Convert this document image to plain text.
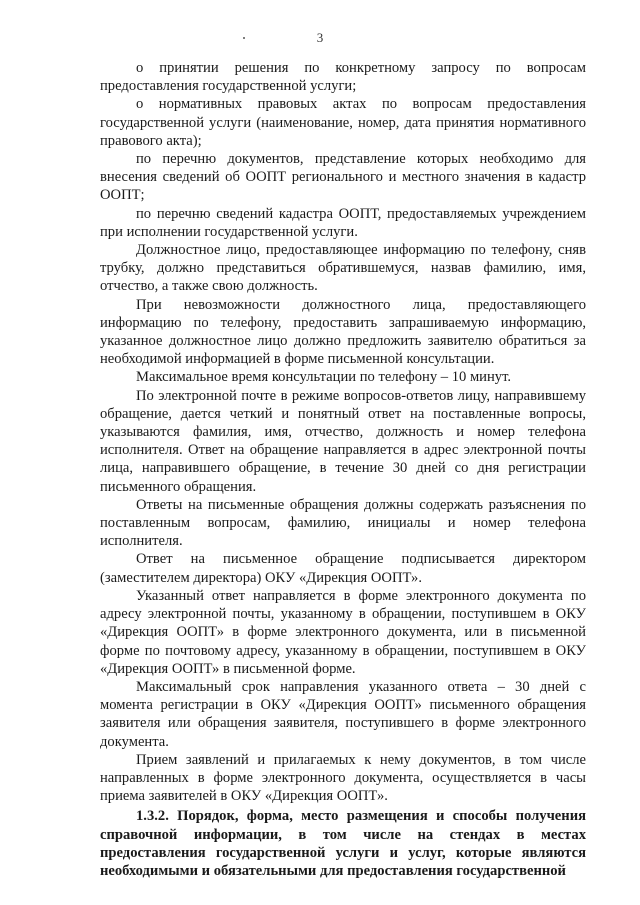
3

о принятии решения по конкретному запросу по вопросам предоставления государственной услуги;

о нормативных правовых актах по вопросам предоставления государственной услуги (наименование, номер, дата принятия нормативного правового акта);

по перечню документов, представление которых необходимо для внесения сведений об ООПТ регионального и местного значения в кадастр ООПТ;

по перечню сведений кадастра ООПТ, предоставляемых учреждением при исполнении государственной услуги.

Должностное лицо, предоставляющее информацию по телефону, сняв трубку, должно представиться обратившемуся, назвав фамилию, имя, отчество, а также свою должность.

При невозможности должностного лица, предоставляющего информацию по телефону, предоставить запрашиваемую информацию, указанное должностное лицо должно предложить заявителю обратиться за необходимой информацией в форме письменной консультации.

Максимальное время консультации по телефону – 10 минут.

По электронной почте в режиме вопросов-ответов лицу, направившему обращение, дается четкий и понятный ответ на поставленные вопросы, указываются фамилия, имя, отчество, должность и номер телефона исполнителя. Ответ на обращение направляется в адрес электронной почты лица, направившего обращение, в течение 30 дней со дня регистрации письменного обращения.

Ответы на письменные обращения должны содержать разъяснения по поставленным вопросам, фамилию, инициалы и номер телефона исполнителя.

Ответ на письменное обращение подписывается директором (заместителем директора) ОКУ «Дирекция ООПТ».

Указанный ответ направляется в форме электронного документа по адресу электронной почты, указанному в обращении, поступившем в ОКУ «Дирекция ООПТ» в форме электронного документа, или в письменной форме по почтовому адресу, указанному в обращении, поступившем в ОКУ «Дирекция ООПТ» в письменной форме.

Максимальный срок направления указанного ответа – 30 дней с момента регистрации в ОКУ «Дирекция ООПТ» письменного обращения заявителя или обращения заявителя, поступившего в форме электронного документа.

Прием заявлений и прилагаемых к нему документов, в том числе направленных в форме электронного документа, осуществляется в часы приема заявителей в ОКУ «Дирекция ООПТ».

1.3.2. Порядок, форма, место размещения и способы получения справочной информации, в том числе на стендах в местах предоставления государственной услуги и услуг, которые являются необходимыми и обязательными для предоставления государственной
